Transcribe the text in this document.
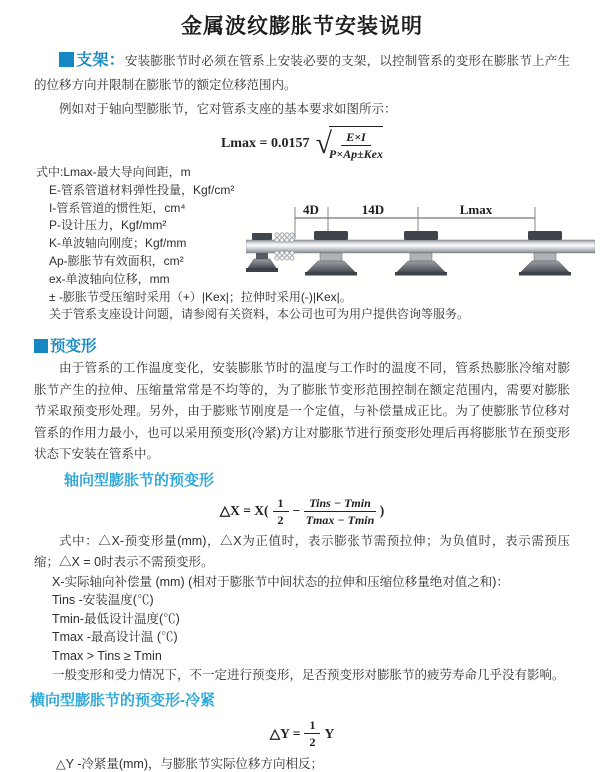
金属波纹膨胀节安装说明

支架：安装膨胀节时必须在管系上安装必要的支架，以控制管系的变形在膨胀节上产生的位移方向并限制在膨胀节的额定位移范围内。

例如对于轴向型膨胀节，它对管系支座的基本要求如图所示：

Lmax = 0.0157 √
$\frac{E\times I}{\text{P×Ap±Kex}}$
式中:Lmax-最大导向间距，m
E-管系管道材料弹性投量，Kgf/cm²
I-管系管道的惯性矩，cm⁴
P-设计压力，Kgf/mm²
K-单波轴向刚度；Kgf/mm
Ap-膨胀节有效面积，cm²
ex-单波轴向位移，mm
± -膨胀节受压缩时采用（+）|Kex|；拉伸时采用(-)|Kex|。
关于管系支座设计问题，请参阅有关资料，本公司也可为用户提供咨询等服务。
预变形

由于管系的工作温度变化，安装膨胀节时的温度与工作时的温度不同，管系热膨胀冷缩对膨胀节产生的拉伸、压缩量常常是不均等的，为了膨胀节变形范围控制在额定范围内，需要对膨胀节采取预变形处理。另外，由于膨账节刚度是一个定值，与补偿量成正比。为了使膨胀节位移对管系的作用力最小，也可以采用预变形(冷紧)方让对膨胀节进行预变形处理后再将膨胀节在预变形状态下安装在管系中。

轴向型膨胀节的预变形
△X = $X( \frac{1}{2} - \frac{\text{Tins − Tmin}}{Tmax - Tmin}$ )

式中：△X-预变形量(mm)，△X为正值时，表示膨张节需预拉伸；为负值时，表示需预压缩；△X = 0时表示不需预变形。

X-实际轴向补偿量 (mm) (相对于膨胀节中间状态的拉伸和压缩位移量绝对值之和)：
Tins -安装温度(℃)
Tmin-最低设计温度(℃)
Tmax -最高设计温 (℃)
Tmax > Tins ≥ Tmin
一般变形和受力情况下，不一定进行预变形，足否预变形对膨胀节的疲劳寿命几乎没有影响。
横向型膨胀节的预变形-冷紧
△Y = $\frac{1}{2}$ Y

△Y -冷紧量(mm)，与膨胀节实际位移方向相反；

4D	14D	Lmax
